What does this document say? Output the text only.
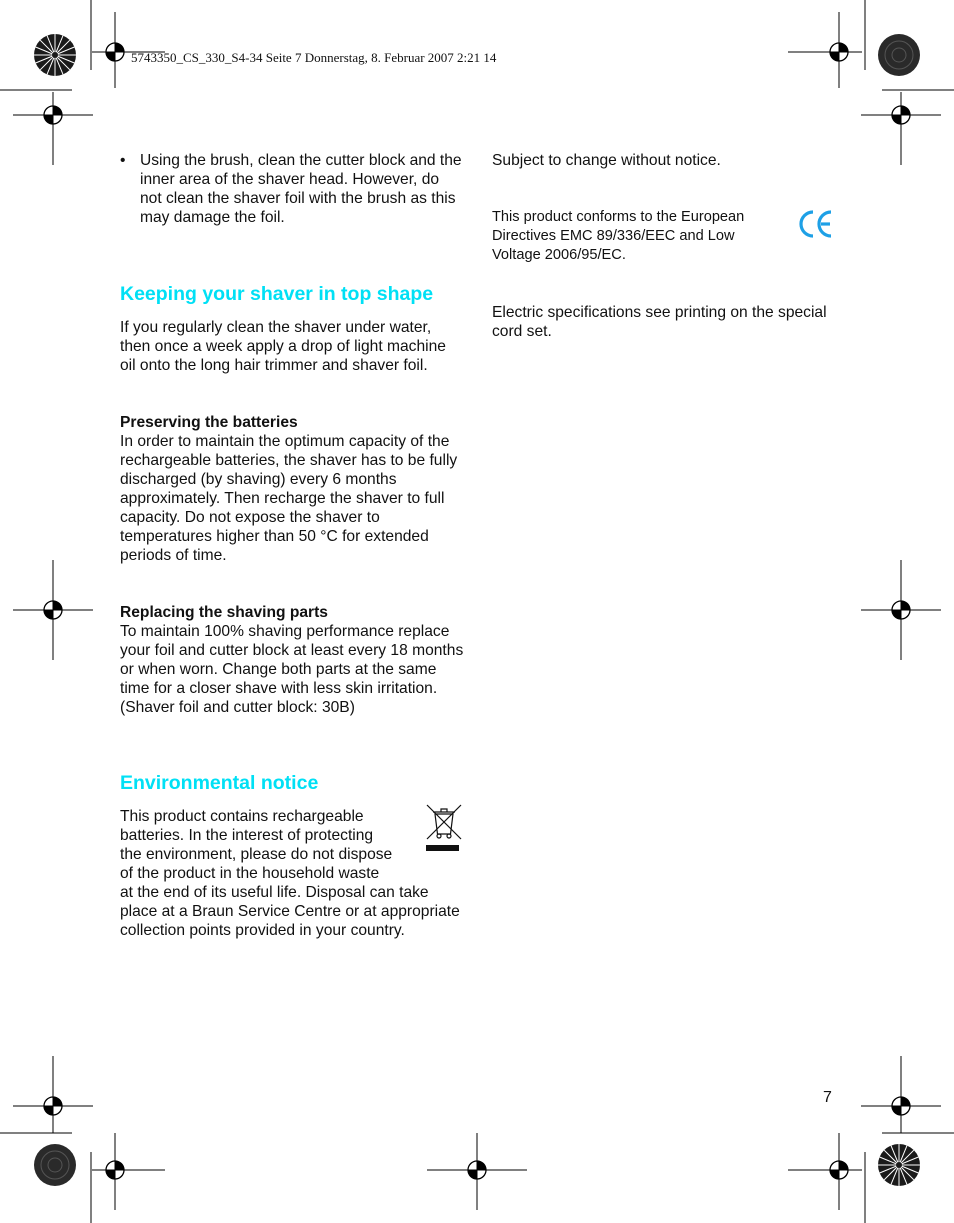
5743350_CS_330_S4-34 Seite 7 Donnerstag, 8. Februar 2007 2:21 14
• Using the brush, clean the cutter block and the inner area of the shaver head. However, do not clean the shaver foil with the brush as this may damage the foil.

Keeping your shaver in top shape

If you regularly clean the shaver under water, then once a week apply a drop of light machine oil onto the long hair trimmer and shaver foil.

Preserving the batteries

In order to maintain the optimum capacity of the rechargeable batteries, the shaver has to be fully discharged (by shaving) every 6 months approximately. Then recharge the shaver to full capacity. Do not expose the shaver to temperatures higher than 50 °C for extended periods of time.

Replacing the shaving parts

To maintain 100% shaving performance replace your foil and cutter block at least every 18 months or when worn. Change both parts at the same time for a closer shave with less skin irritation.

(Shaver foil and cutter block: 30B)

Environmental notice
This product contains rechargeable
batteries. In the interest of protecting
the environment, please do not dispose
of the product in the household waste

at the end of its useful life. Disposal can take place at a Braun Service Centre or at appropriate collection points provided in your country.

Subject to change without notice.

This product conforms to the European Directives EMC 89/336/EEC and Low Voltage 2006/95/EC.

Electric specifications see printing on the special cord set.

7
